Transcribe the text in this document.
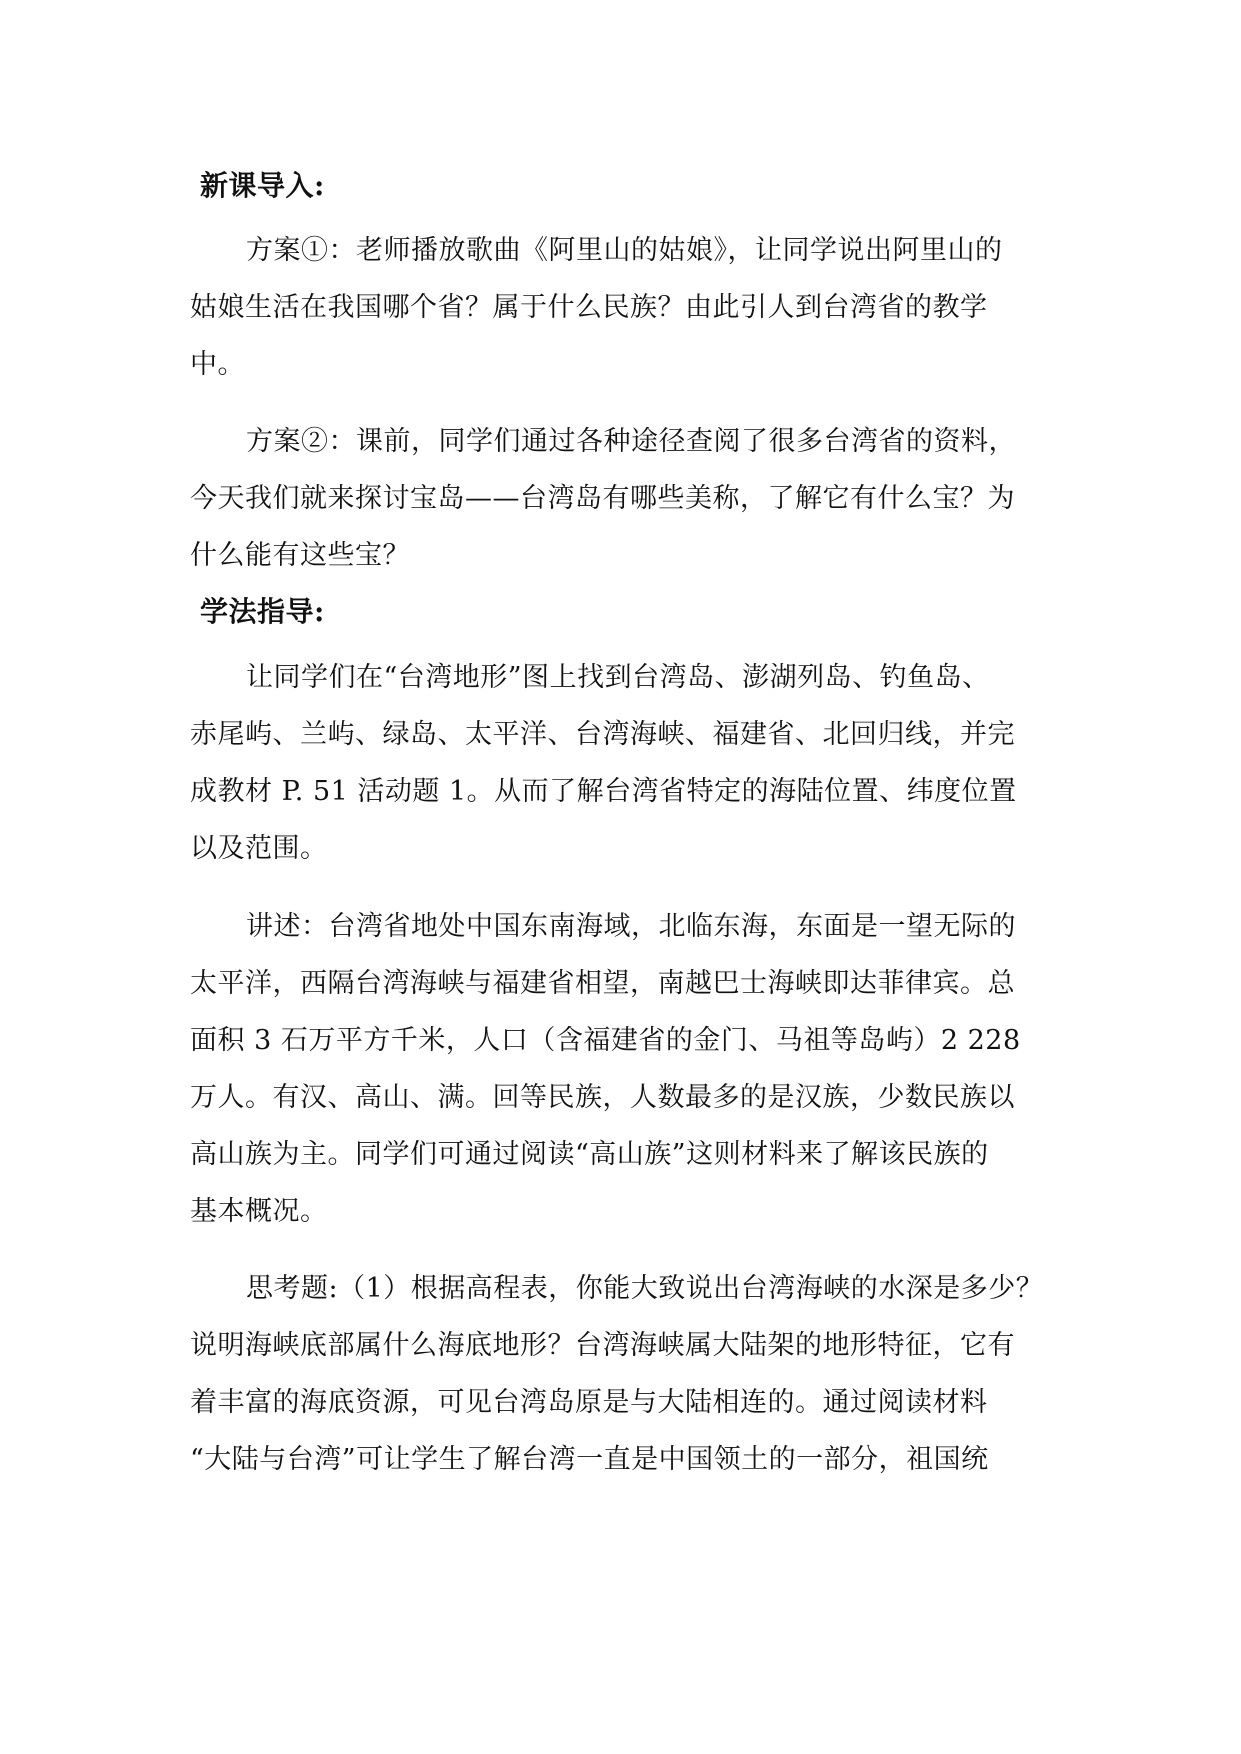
新课导入:
方案①：老师播放歌曲《阿里山的姑娘》，让同学说出阿里山的
姑娘生活在我国哪个省？属于什么民族？由此引人到台湾省的教学
中。
方案②：课前，同学们通过各种途径查阅了很多台湾省的资料，
今天我们就来探讨宝岛——台湾岛有哪些美称，了解它有什么宝？为
什么能有这些宝？
学法指导:
让同学们在“台湾地形”图上找到台湾岛、澎湖列岛、钓鱼岛、
赤尾屿、兰屿、绿岛、太平洋、台湾海峡、福建省、北回归线，并完
成教材 P. 51 活动题 1。从而了解台湾省特定的海陆位置、纬度位置
以及范围。
讲述：台湾省地处中国东南海域，北临东海，东面是一望无际的
太平洋，西隔台湾海峡与福建省相望，南越巴士海峡即达菲律宾。总
面积 3 石万平方千米，人口（含福建省的金门、马祖等岛屿）2 228
万人。有汉、高山、满。回等民族，人数最多的是汉族，少数民族以
高山族为主。同学们可通过阅读“高山族”这则材料来了解该民族的
基本概况。
思考题:（1）根据高程表，你能大致说出台湾海峡的水深是多少？
说明海峡底部属什么海底地形？台湾海峡属大陆架的地形特征，它有
着丰富的海底资源，可见台湾岛原是与大陆相连的。通过阅读材料
“大陆与台湾”可让学生了解台湾一直是中国领土的一部分，祖国统
